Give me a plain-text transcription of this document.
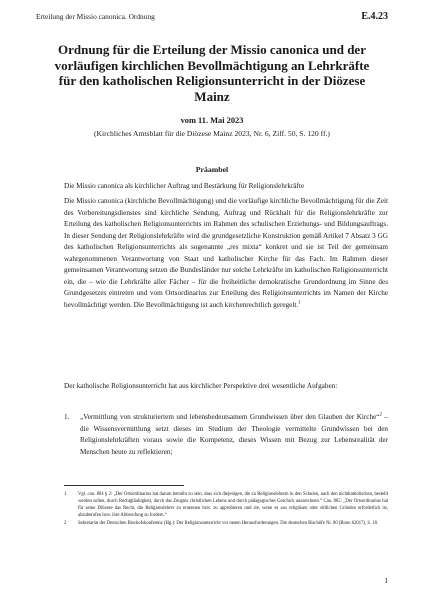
Erteilung der Missio canonica. Ordnung	E.4.23
Ordnung für die Erteilung der Missio canonica und der vorläufigen kirchlichen Bevollmächtigung an Lehrkräfte für den katholischen Religionsunterricht in der Diözese Mainz
vom 11. Mai 2023
(Kirchliches Amtsblatt für die Diözese Mainz 2023, Nr. 6, Ziff. 50, S. 120 ff.)
Präambel

Die Missio canonica als kirchlicher Auftrag und Bestärkung für Religionslehrkräfte

Die Missio canonica (kirchliche Bevollmächtigung) und die vorläufige kirchliche Bevollmächtigung für die Zeit des Vorbereitungsdienstes sind kirchliche Sendung, Auftrag und Rückhalt für die Religionslehrkräfte zur Erteilung des katholischen Religionsunterrichts im Rahmen des schulischen Erziehungs- und Bildungsauftrags. In dieser Sendung der Religionslehrkräfte wird die grundgesetzliche Konstruktion gemäß Artikel 7 Absatz 3 GG des katholischen Religionsunterrichts als sogenannte „res mixta“ konkret und sie ist Teil der gemeinsam wahrgenommenen Verantwortung von Staat und katholischer Kirche für das Fach. Im Rahmen dieser gemeinsamen Verantwortung setzen die Bundesländer nur solche Lehrkräfte im katholischen Religionsunterricht ein, die – wie die Lehrkräfte aller Fächer – für die freiheitliche demokratische Grundordnung im Sinne des Grundgesetzes eintreten und vom Ortsordinarius zur Erteilung des Religionsunterrichts im Namen der Kirche bevollmächtigt werden. Die Bevollmächtigung ist auch kirchenrechtlich geregelt.$^1$

Der katholische Religionsunterricht hat aus kirchlicher Perspektive drei wesentliche Aufgaben:

1.	„Vermittlung von strukturiertem und lebensbedeutsamem Grundwissen über den Glauben der Kirche“$^2$ – die Wissensvermittlung setzt dieses im Studium der Theologie vermittelte Grundwissen bei den Religionslehrkräften voraus sowie die Kompetenz, dieses Wissen mit Bezug zur Lebensrealität der Menschen heute zu reflektieren;
1	Vgl. can. 804 § 2: „Der Ortsordinarius hat darum bemüht zu sein, dass sich diejenigen, die zu Religionslehrern in den Schulen, auch den nichtkatholischen, bestellt werden sollen, durch Rechtgläubigkeit, durch das Zeugnis christlichen Lebens und durch pädagogisches Geschick auszeichnen.“ Can. 805: „Der Ortsordinarius hat für seine Diözese das Recht, die Religionslehrer zu ernennen bzw. zu approbieren und sie, wenn es aus religiösen oder sittlichen Gründen erforderlich ist, abzuberufen bzw. ihre Abberufung zu fordern.“
2	Sekretariat der Deutschen Bischofskonferenz (Hg.): Der Religionsunterricht vor neuen Herausforderungen. Die deutschen Bischöfe Nr. 80 (Bonn 62017), S. 18.
1
